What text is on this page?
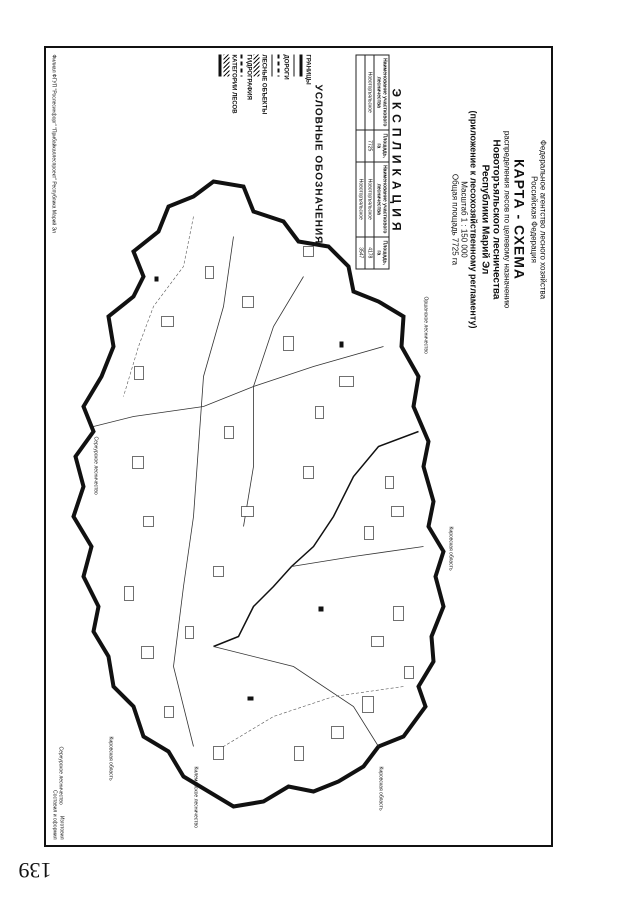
139
Федеральное агентство лесного хозяйства
Российская Федерация
КАРТА - СХЕМА
распределения лесов по целевому назначению
Новоторъяльского лесничества
Республики Марий Эл
(приложение к лесохозяйственному регламенту)
Масштаб 1 : 150 000
Общая площадь 7725 га
ЭКСПЛИКАЦИЯ
Наименование участкового лесничества	Площадь, га	Наименование участкового лесничества	Площадь, га
Новоторъяльское	7725	Новоторъяльское	4178
		Новоторъяльское	3547
УСЛОВНЫЕ ОБОЗНАЧЕНИЯ
ГРАНИЦЫ
ДОРОГИ
ЛЕСНЫЕ ОБЪЕКТЫ
ГИДРОГРАФИЯ
КАТЕГОРИИ ЛЕСОВ
Кировская область
Кировская область
Кировская область
Оршанское лесничество
Сернурское лесничество
Килемарское лесничество
Сернурское лесничество
Филиал ФГУП "Рослесинфорг" "Прибайкаллеспроект" Республика Марий Эл
Изготовил
Составил и оформил
